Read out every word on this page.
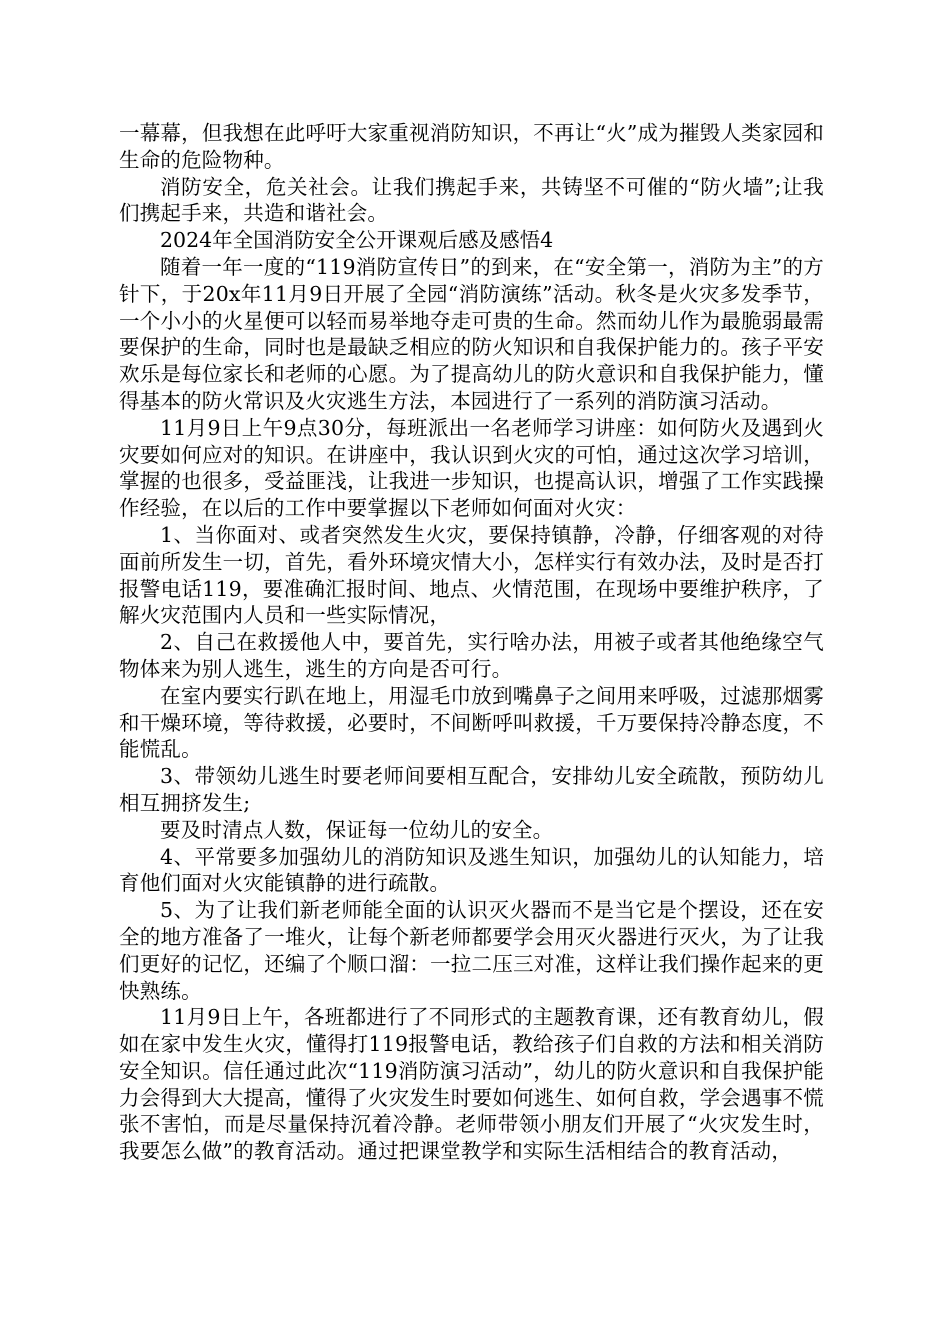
一幕幕，但我想在此呼吁大家重视消防知识，不再让“火”成为摧毁人类家园和生命的危险物种。

消防安全，危关社会。让我们携起手来，共铸坚不可催的“防火墙”;让我们携起手来，共造和谐社会。

2024年全国消防安全公开课观后感及感悟4

随着一年一度的“119消防宣传日”的到来，在“安全第一，消防为主”的方针下，于20x年11月9日开展了全园“消防演练”活动。秋冬是火灾多发季节，一个小小的火星便可以轻而易举地夺走可贵的生命。然而幼儿作为最脆弱最需要保护的生命，同时也是最缺乏相应的防火知识和自我保护能力的。孩子平安欢乐是每位家长和老师的心愿。为了提高幼儿的防火意识和自我保护能力，懂得基本的防火常识及火灾逃生方法，本园进行了一系列的消防演习活动。

11月9日上午9点30分，每班派出一名老师学习讲座：如何防火及遇到火灾要如何应对的知识。在讲座中，我认识到火灾的可怕，通过这次学习培训，掌握的也很多，受益匪浅，让我进一步知识，也提高认识，增强了工作实践操作经验，在以后的工作中要掌握以下老师如何面对火灾：

1、当你面对、或者突然发生火灾，要保持镇静，冷静，仔细客观的对待面前所发生一切，首先，看外环境灾情大小，怎样实行有效办法，及时是否打报警电话119，要准确汇报时间、地点、火情范围，在现场中要维护秩序，了解火灾范围内人员和一些实际情况，

2、自己在救援他人中，要首先，实行啥办法，用被子或者其他绝缘空气物体来为别人逃生，逃生的方向是否可行。

在室内要实行趴在地上，用湿毛巾放到嘴鼻子之间用来呼吸，过滤那烟雾和干燥环境，等待救援，必要时，不间断呼叫救援，千万要保持冷静态度，不能慌乱。

3、带领幼儿逃生时要老师间要相互配合，安排幼儿安全疏散，预防幼儿相互拥挤发生;

要及时清点人数，保证每一位幼儿的安全。

4、平常要多加强幼儿的消防知识及逃生知识，加强幼儿的认知能力，培育他们面对火灾能镇静的进行疏散。

5、为了让我们新老师能全面的认识灭火器而不是当它是个摆设，还在安全的地方准备了一堆火，让每个新老师都要学会用灭火器进行灭火，为了让我们更好的记忆，还编了个顺口溜：一拉二压三对准，这样让我们操作起来的更快熟练。

11月9日上午，各班都进行了不同形式的主题教育课，还有教育幼儿，假如在家中发生火灾，懂得打119报警电话，教给孩子们自救的方法和相关消防安全知识。信任通过此次“119消防演习活动”，幼儿的防火意识和自我保护能力会得到大大提高，懂得了火灾发生时要如何逃生、如何自救，学会遇事不慌张不害怕，而是尽量保持沉着冷静。老师带领小朋友们开展了“火灾发生时，我要怎么做”的教育活动。通过把课堂教学和实际生活相结合的教育活动，
